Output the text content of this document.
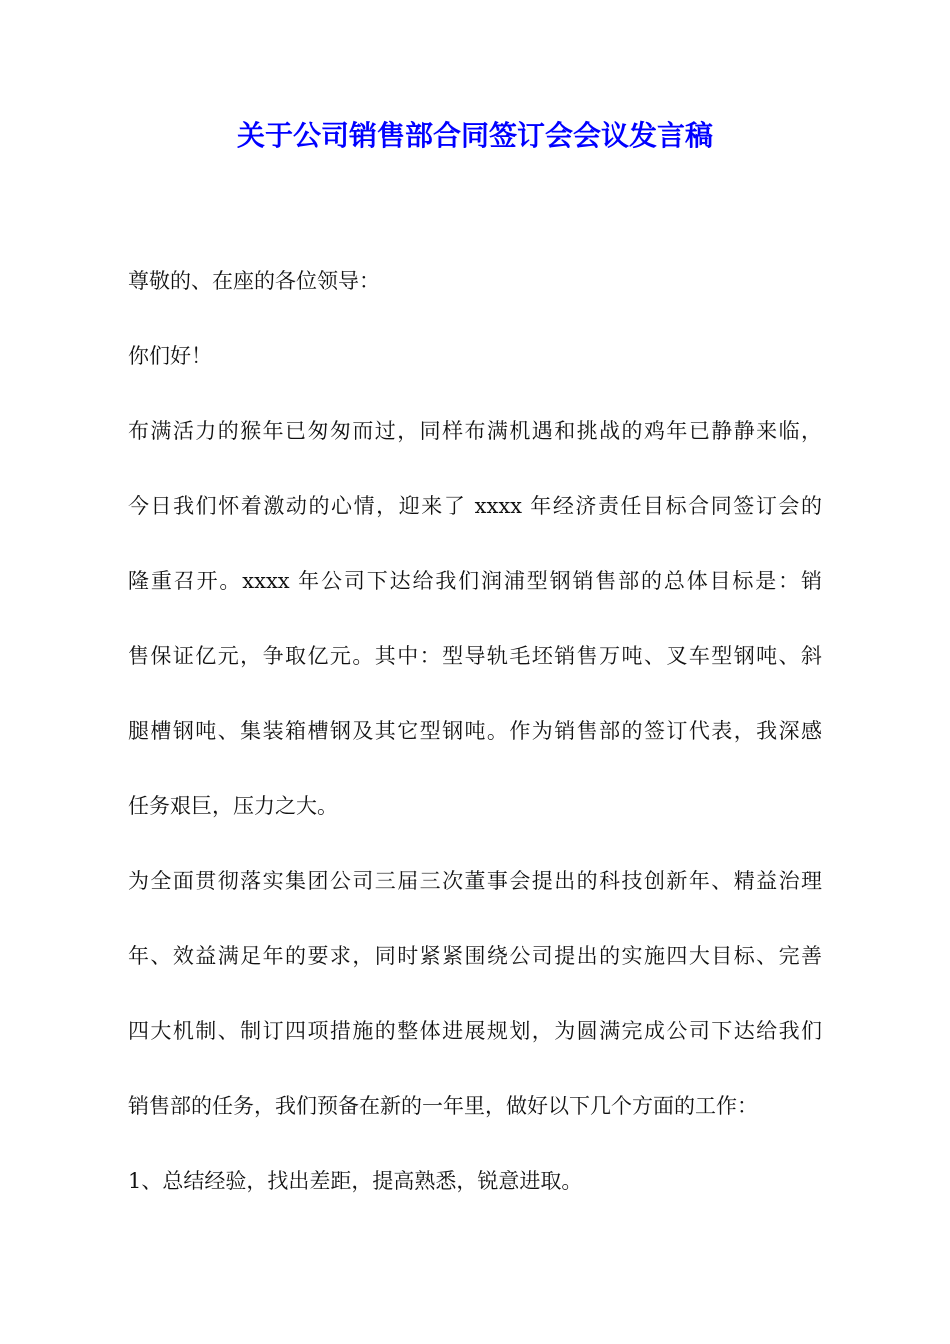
关于公司销售部合同签订会会议发言稿

尊敬的、在座的各位领导：

你们好！

布满活力的猴年已匆匆而过，同样布满机遇和挑战的鸡年已静静来临，

今日我们怀着激动的心情，迎来了 xxxx 年经济责任目标合同签订会的

隆重召开。xxxx 年公司下达给我们润浦型钢销售部的总体目标是：销

售保证亿元，争取亿元。其中：型导轨毛坯销售万吨、叉车型钢吨、斜

腿槽钢吨、集装箱槽钢及其它型钢吨。作为销售部的签订代表，我深感

任务艰巨，压力之大。

为全面贯彻落实集团公司三届三次董事会提出的科技创新年、精益治理

年、效益满足年的要求，同时紧紧围绕公司提出的实施四大目标、完善

四大机制、制订四项措施的整体进展规划，为圆满完成公司下达给我们

销售部的任务，我们预备在新的一年里，做好以下几个方面的工作：

1、总结经验，找出差距，提高熟悉，锐意进取。
